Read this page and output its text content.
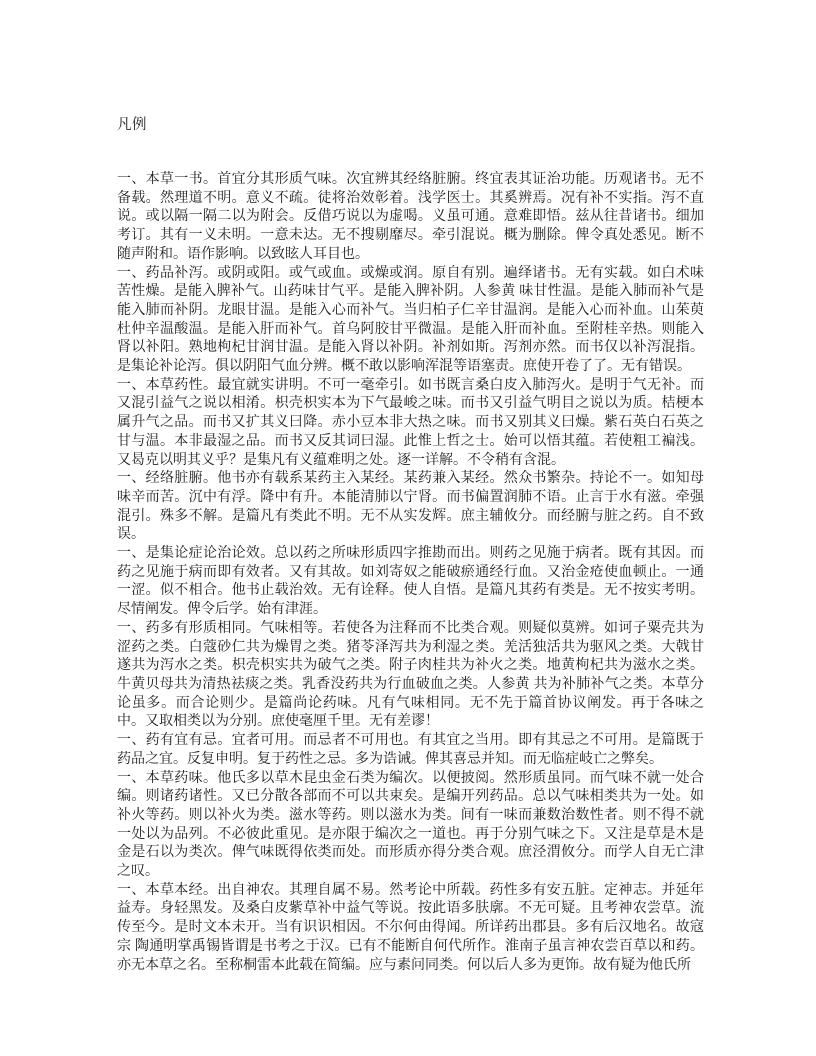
凡例

一、本草一书。首宜分其形质气味。次宜辨其经络脏腑。终宜表其证治功能。历观诸书。无不备载。然理道不明。意义不疏。徒将治效彰着。浅学医士。其奚辨焉。况有补不实指。泻不直说。或以隔一隔二以为附会。反借巧说以为虚喝。义虽可通。意难即悟。兹从往昔诸书。细加考订。其有一义未明。一意未达。无不搜剔靡尽。牵引混说。概为删除。俾令真处悉见。断不随声附和。语作影响。以致眩人耳目也。

一、药品补泻。或阴或阳。或气或血。或燥或润。原自有别。遍绎诸书。无有实载。如白术味苦性燥。是能入脾补气。山药味甘气平。是能入脾补阴。人参黄 味甘性温。是能入肺而补气是能入肺而补阴。龙眼甘温。是能入心而补气。当归柏子仁辛甘温润。是能入心而补血。山茱萸杜仲辛温酸温。是能入肝而补气。首乌阿胶甘平微温。是能入肝而补血。至附桂辛热。则能入肾以补阳。熟地枸杞甘润甘温。是能入肾以补阴。补剂如斯。泻剂亦然。而书仅以补泻混指。是集论补论泻。俱以阴阳气血分辨。概不敢以影响浑混等语塞责。庶使开卷了了。无有错误。

一、本草药性。最宜就实讲明。不可一毫牵引。如书既言桑白皮入肺泻火。是明于气无补。而又混引益气之说以相淆。枳壳枳实本为下气最峻之味。而书又引益气明目之说以为质。桔梗本属升气之品。而书又扩其义曰降。赤小豆本非大热之味。而书又别其义曰燥。紫石英白石英之甘与温。本非最湿之品。而书又反其词曰湿。此惟上哲之士。始可以悟其蕴。若使粗工褊浅。又曷克以明其义乎？是集凡有义蕴难明之处。逐一详解。不令稍有含混。

一、经络脏腑。他书亦有载系某药主入某经。某药兼入某经。然众书繁杂。持论不一。如知母味辛而苦。沉中有浮。降中有升。本能清肺以宁肾。而书偏置润肺不语。止言于水有滋。牵强混引。殊多不解。是篇凡有类此不明。无不从实发辉。庶主辅攸分。而经腑与脏之药。自不致误。

一、是集论症论治论效。总以药之所味形质四字推勘而出。则药之见施于病者。既有其因。而药之见施于病而即有效者。又有其故。如刘寄奴之能破瘀通经行血。又治金疮使血顿止。一通一涩。似不相合。他书止载治效。无有诠释。使人自悟。是篇凡其药有类是。无不按实考明。尽情阐发。俾令后学。始有津涯。

一、药多有形质相同。气味相等。若使各为注释而不比类合观。则疑似莫辨。如诃子粟壳共为涩药之类。白蔻砂仁共为燥胃之类。猪苓泽泻共为利湿之类。羌活独活共为驱风之类。大戟甘遂共为泻水之类。枳壳枳实共为破气之类。附子肉桂共为补火之类。地黄枸杞共为滋水之类。牛黄贝母共为清热祛痰之类。乳香没药共为行血破血之类。人参黄 共为补肺补气之类。本草分论虽多。而合论则少。是篇尚论药味。凡有气味相同。无不先于篇首协议阐发。再于各味之中。又取相类以为分别。庶使毫厘千里。无有差谬！

一、药有宜有忌。宜者可用。而忌者不可用也。有其宜之当用。即有其忌之不可用。是篇既于药品之宜。反复申明。复于药性之忌。多为诰诫。俾其喜忌并知。而无临症岐亡之弊矣。

一、本草药味。他氏多以草木昆虫金石类为编次。以便披阅。然形质虽同。而气味不就一处合编。则诸药诸性。又已分散各部而不可以共束矣。是编开列药品。总以气味相类共为一处。如补火等药。则以补火为类。滋水等药。则以滋水为类。间有一味而兼数治数性者。则不得不就一处以为品列。不必彼此重见。是亦限于编次之一道也。再于分别气味之下。又注是草是木是金是石以为类次。俾气味既得依类而处。而形质亦得分类合观。庶泾渭攸分。而学人自无亡津之叹。

一、本草本经。出自神农。其理自属不易。然考论中所载。药性多有安五脏。定神志。并延年益寿。身轻黑发。及桑白皮紫草补中益气等说。按此语多肤廓。不无可疑。且考神农尝草。流传至今。是时文本未开。当有识识相因。不尔何由得闻。所详药出郡县。多有后汉地名。故寇宗 陶通明掌禹锡皆谓是书考之于汉。已有不能断自何代所作。淮南子虽言神农尝百草以和药。亦无本草之名。至称桐雷本此载在简编。应与素问同类。何以后人多为更饰。故有疑为他氏所
